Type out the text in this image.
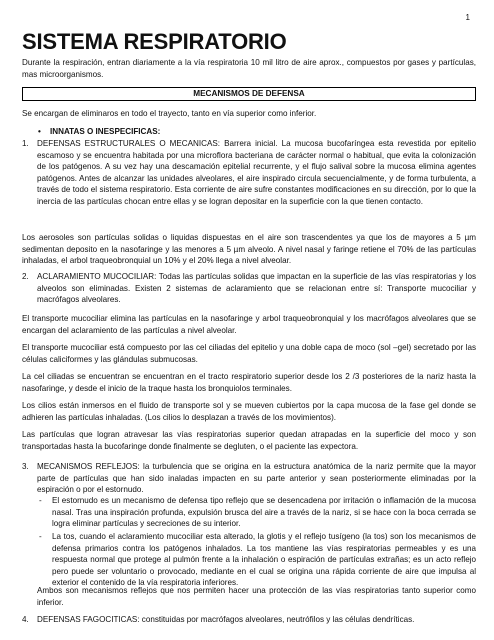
1
SISTEMA RESPIRATORIO
Durante la respiración, entran diariamente a la vía respiratoria 10 mil litro de aire aprox., compuestos por gases y partículas, mas microorganismos.
MECANISMOS DE DEFENSA
Se encargan de eliminaros en todo el trayecto, tanto en vía superior como inferior.
• INNATAS O INESPECIFICAS:
1. DEFENSAS ESTRUCTURALES O MECANICAS: Barrera inicial. La mucosa bucofaríngea esta revestida por epitelio escamoso y se encuentra habitada por una microflora bacteriana de carácter normal o habitual, que evita la colonización de los patógenos. A su vez hay una descamación epitelial recurrente, y el flujo salival sobre la mucosa elimina agentes patógenos. Antes de alcanzar las unidades alveolares, el aire inspirado circula secuencialmente, y de forma turbulenta, a través de todo el sistema respiratorio. Esta corriente de aire sufre constantes modificaciones en su dirección, por lo que la inercia de las partículas chocan entre ellas y se logran depositar en la superficie con la que tienen contacto.
Los aerosoles son partículas solidas o liquidas dispuestas en el aire son trascendentes ya que los de mayores a 5 µm sedimentan deposito en la nasofaringe y las menores a 5 µm alveolo. A nivel nasal y faringe retiene el 70% de las partículas inhaladas, el arbol traqueobronquial un 10% y el 20% llega a nivel alveolar.
2. ACLARAMIENTO MUCOCILIAR: Todas las partículas solidas que impactan en la superficie de las vías respiratorias y los alveolos son eliminadas. Existen 2 sistemas de aclaramiento que se relacionan entre sí: Transporte mucociliar y macrófagos alveolares.
El transporte mucociliar elimina las partículas en la nasofaringe y arbol traqueobronquial y los macrófagos alveolares que se encargan del aclaramiento de las partículas a nivel alveolar.
El transporte mucociliar está compuesto por las cel ciliadas del epitelio y una doble capa de moco (sol –gel) secretado por las células caliciformes y las glándulas submucosas.
La cel ciliadas se encuentran se encuentran en el tracto respiratorio superior desde los 2 /3 posteriores de la nariz hasta la nasofaringe, y desde el inicio de la traque hasta los bronquiolos terminales.
Los cilios están inmersos en el fluido de transporte sol y se mueven cubiertos por la capa mucosa de la fase gel donde se adhieren las partículas inhaladas. (Los cilios lo desplazan a través de los movimientos).
Las partículas que logran atravesar las vías respiratorias superior quedan atrapadas en la superficie del moco y son transportadas hasta la bucofaringe donde finalmente se degluten, o el paciente las expectora.
3. MECANISMOS REFLEJOS: la turbulencia que se origina en la estructura anatómica de la nariz permite que la mayor parte de partículas que han sido inaladas impacten en su parte anterior y sean posteriormente eliminadas por la espiración o por el estornudo.
- El estornudo es un mecanismo de defensa tipo reflejo que se desencadena por irritación o inflamación de la mucosa nasal. Tras una inspiración profunda, expulsión brusca del aire a través de la nariz, si se hace con la boca cerrada se logra eliminar partículas y secreciones de su interior.
- La tos, cuando el aclaramiento mucociliar esta alterado, la glotis y el reflejo tusígeno (la tos) son los mecanismos de defensa primarios contra los patógenos inhalados. La tos mantiene las vías respiratorias permeables y es una respuesta normal que protege al pulmón frente a la inhalación o espiración de partículas extrañas; es un acto reflejo pero puede ser voluntario o provocado, mediante en el cual se origina una rápida corriente de aire que impulsa al exterior el contenido de la vía respiratoria inferiores.
Ambos son mecanismos reflejos que nos permiten hacer una protección de las vías respiratorias tanto superior como inferior.
4. DEFENSAS FAGOCITICAS: constituidas por macrófagos alveolares, neutrófilos y las células dendríticas.
